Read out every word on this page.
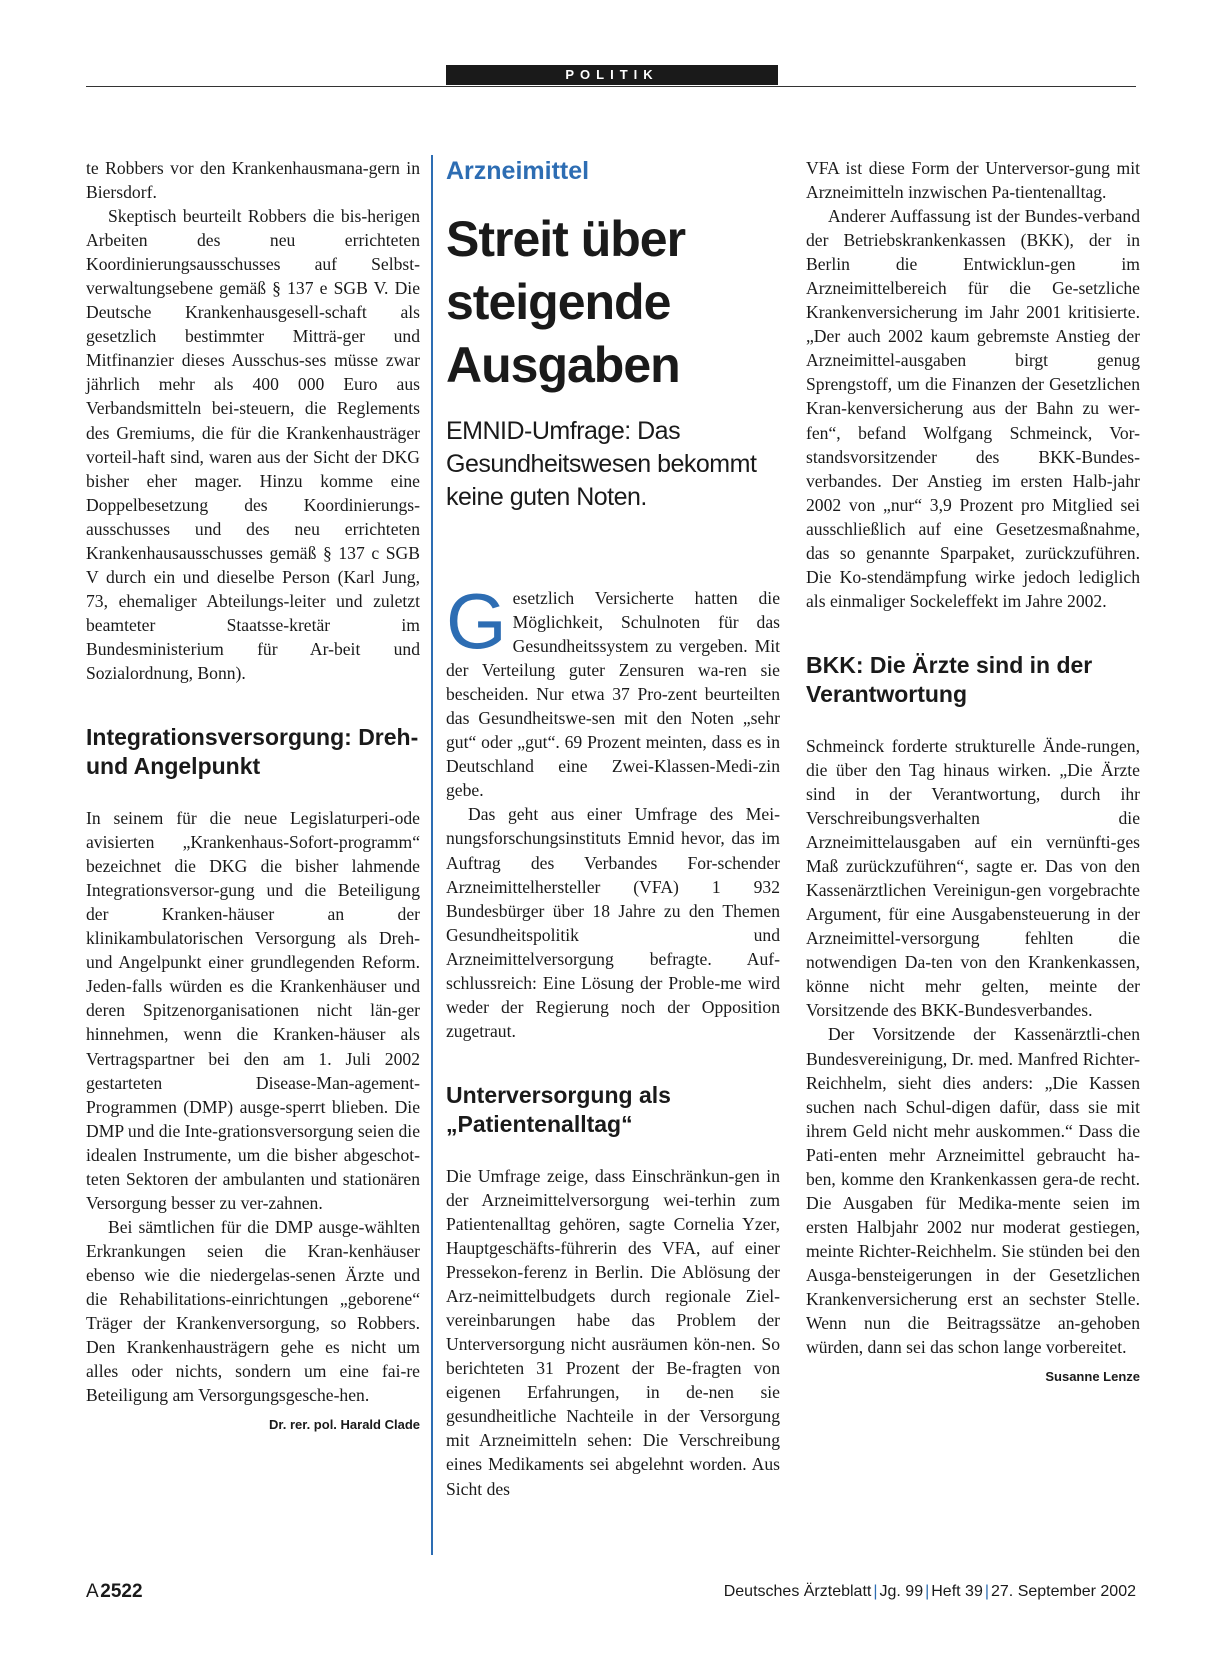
POLITIK

te Robbers vor den Krankenhausmana-gern in Biersdorf.

Skeptisch beurteilt Robbers die bis-herigen Arbeiten des neu errichteten Koordinierungsausschusses auf Selbst-verwaltungsebene gemäß § 137 e SGB V. Die Deutsche Krankenhausgesell-schaft als gesetzlich bestimmter Mitträ-ger und Mitfinanzier dieses Ausschus-ses müsse zwar jährlich mehr als 400 000 Euro aus Verbandsmitteln bei-steuern, die Reglements des Gremiums, die für die Krankenhausträger vorteil-haft sind, waren aus der Sicht der DKG bisher eher mager. Hinzu komme eine Doppelbesetzung des Koordinierungs-ausschusses und des neu errichteten Krankenhausausschusses gemäß § 137 c SGB V durch ein und dieselbe Person (Karl Jung, 73, ehemaliger Abteilungs-leiter und zuletzt beamteter Staatsse-kretär im Bundesministerium für Ar-beit und Sozialordnung, Bonn).

Integrationsversorgung: Dreh- und Angelpunkt

In seinem für die neue Legislaturperi-ode avisierten „Krankenhaus-Sofort-programm“ bezeichnet die DKG die bisher lahmende Integrationsversor-gung und die Beteiligung der Kranken-häuser an der klinikambulatorischen Versorgung als Dreh- und Angelpunkt einer grundlegenden Reform. Jeden-falls würden es die Krankenhäuser und deren Spitzenorganisationen nicht län-ger hinnehmen, wenn die Kranken-häuser als Vertragspartner bei den am 1. Juli 2002 gestarteten Disease-Man-agement-Programmen (DMP) ausge-sperrt blieben. Die DMP und die Inte-grationsversorgung seien die idealen Instrumente, um die bisher abgeschot-teten Sektoren der ambulanten und stationären Versorgung besser zu ver-zahnen.

Bei sämtlichen für die DMP ausge-wählten Erkrankungen seien die Kran-kenhäuser ebenso wie die niedergelas-senen Ärzte und die Rehabilitations-einrichtungen „geborene“ Träger der Krankenversorgung, so Robbers. Den Krankenhausträgern gehe es nicht um alles oder nichts, sondern um eine fai-re Beteiligung am Versorgungsgesche-hen.
Dr. rer. pol. Harald Clade

Arzneimittel
Streit über steigende Ausgaben
EMNID-Umfrage: Das Gesundheitswesen bekommt keine guten Noten.

Gesetzlich Versicherte hatten die Möglichkeit, Schulnoten für das Gesundheitssystem zu vergeben. Mit der Verteilung guter Zensuren wa-ren sie bescheiden. Nur etwa 37 Pro-zent beurteilten das Gesundheitswe-sen mit den Noten „sehr gut“ oder „gut“. 69 Prozent meinten, dass es in Deutschland eine Zwei-Klassen-Medi-zin gebe.

Das geht aus einer Umfrage des Mei-nungsforschungsinstituts Emnid hevor, das im Auftrag des Verbandes For-schender Arzneimittelhersteller (VFA) 1 932 Bundesbürger über 18 Jahre zu den Themen Gesundheitspolitik und Arzneimittelversorgung befragte. Auf-schlussreich: Eine Lösung der Proble-me wird weder der Regierung noch der Opposition zugetraut.

Unterversorgung als „Patientenalltag“

Die Umfrage zeige, dass Einschränkun-gen in der Arzneimittelversorgung wei-terhin zum Patientenalltag gehören, sagte Cornelia Yzer, Hauptgeschäfts-führerin des VFA, auf einer Pressekon-ferenz in Berlin. Die Ablösung der Arz-neimittelbudgets durch regionale Ziel-vereinbarungen habe das Problem der Unterversorgung nicht ausräumen kön-nen. So berichteten 31 Prozent der Be-fragten von eigenen Erfahrungen, in de-nen sie gesundheitliche Nachteile in der Versorgung mit Arzneimitteln sehen: Die Verschreibung eines Medikaments sei abgelehnt worden. Aus Sicht des

VFA ist diese Form der Unterversor-gung mit Arzneimitteln inzwischen Pa-tientenalltag.

Anderer Auffassung ist der Bundes-verband der Betriebskrankenkassen (BKK), der in Berlin die Entwicklun-gen im Arzneimittelbereich für die Ge-setzliche Krankenversicherung im Jahr 2001 kritisierte. „Der auch 2002 kaum gebremste Anstieg der Arzneimittel-ausgaben birgt genug Sprengstoff, um die Finanzen der Gesetzlichen Kran-kenversicherung aus der Bahn zu wer-fen“, befand Wolfgang Schmeinck, Vor-standsvorsitzender des BKK-Bundes-verbandes. Der Anstieg im ersten Halb-jahr 2002 von „nur“ 3,9 Prozent pro Mitglied sei ausschließlich auf eine Gesetzesmaßnahme, das so genannte Sparpaket, zurückzuführen. Die Ko-stendämpfung wirke jedoch lediglich als einmaliger Sockeleffekt im Jahre 2002.

BKK: Die Ärzte sind in der Verantwortung

Schmeinck forderte strukturelle Ände-rungen, die über den Tag hinaus wirken. „Die Ärzte sind in der Verantwortung, durch ihr Verschreibungsverhalten die Arzneimittelausgaben auf ein vernünfti-ges Maß zurückzuführen“, sagte er. Das von den Kassenärztlichen Vereinigun-gen vorgebrachte Argument, für eine Ausgabensteuerung in der Arzneimittel-versorgung fehlten die notwendigen Da-ten von den Krankenkassen, könne nicht mehr gelten, meinte der Vorsitzende des BKK-Bundesverbandes.

Der Vorsitzende der Kassenärztli-chen Bundesvereinigung, Dr. med. Manfred Richter-Reichhelm, sieht dies anders: „Die Kassen suchen nach Schul-digen dafür, dass sie mit ihrem Geld nicht mehr auskommen.“ Dass die Pati-enten mehr Arzneimittel gebraucht ha-ben, komme den Krankenkassen gera-de recht. Die Ausgaben für Medika-mente seien im ersten Halbjahr 2002 nur moderat gestiegen, meinte Richter-Reichhelm. Sie stünden bei den Ausga-bensteigerungen in der Gesetzlichen Krankenversicherung erst an sechster Stelle. Wenn nun die Beitragssätze an-gehoben würden, dann sei das schon lange vorbereitet.
Susanne Lenze

A 2522	Deutsches Ärzteblatt | Jg. 99 | Heft 39 | 27. September 2002
